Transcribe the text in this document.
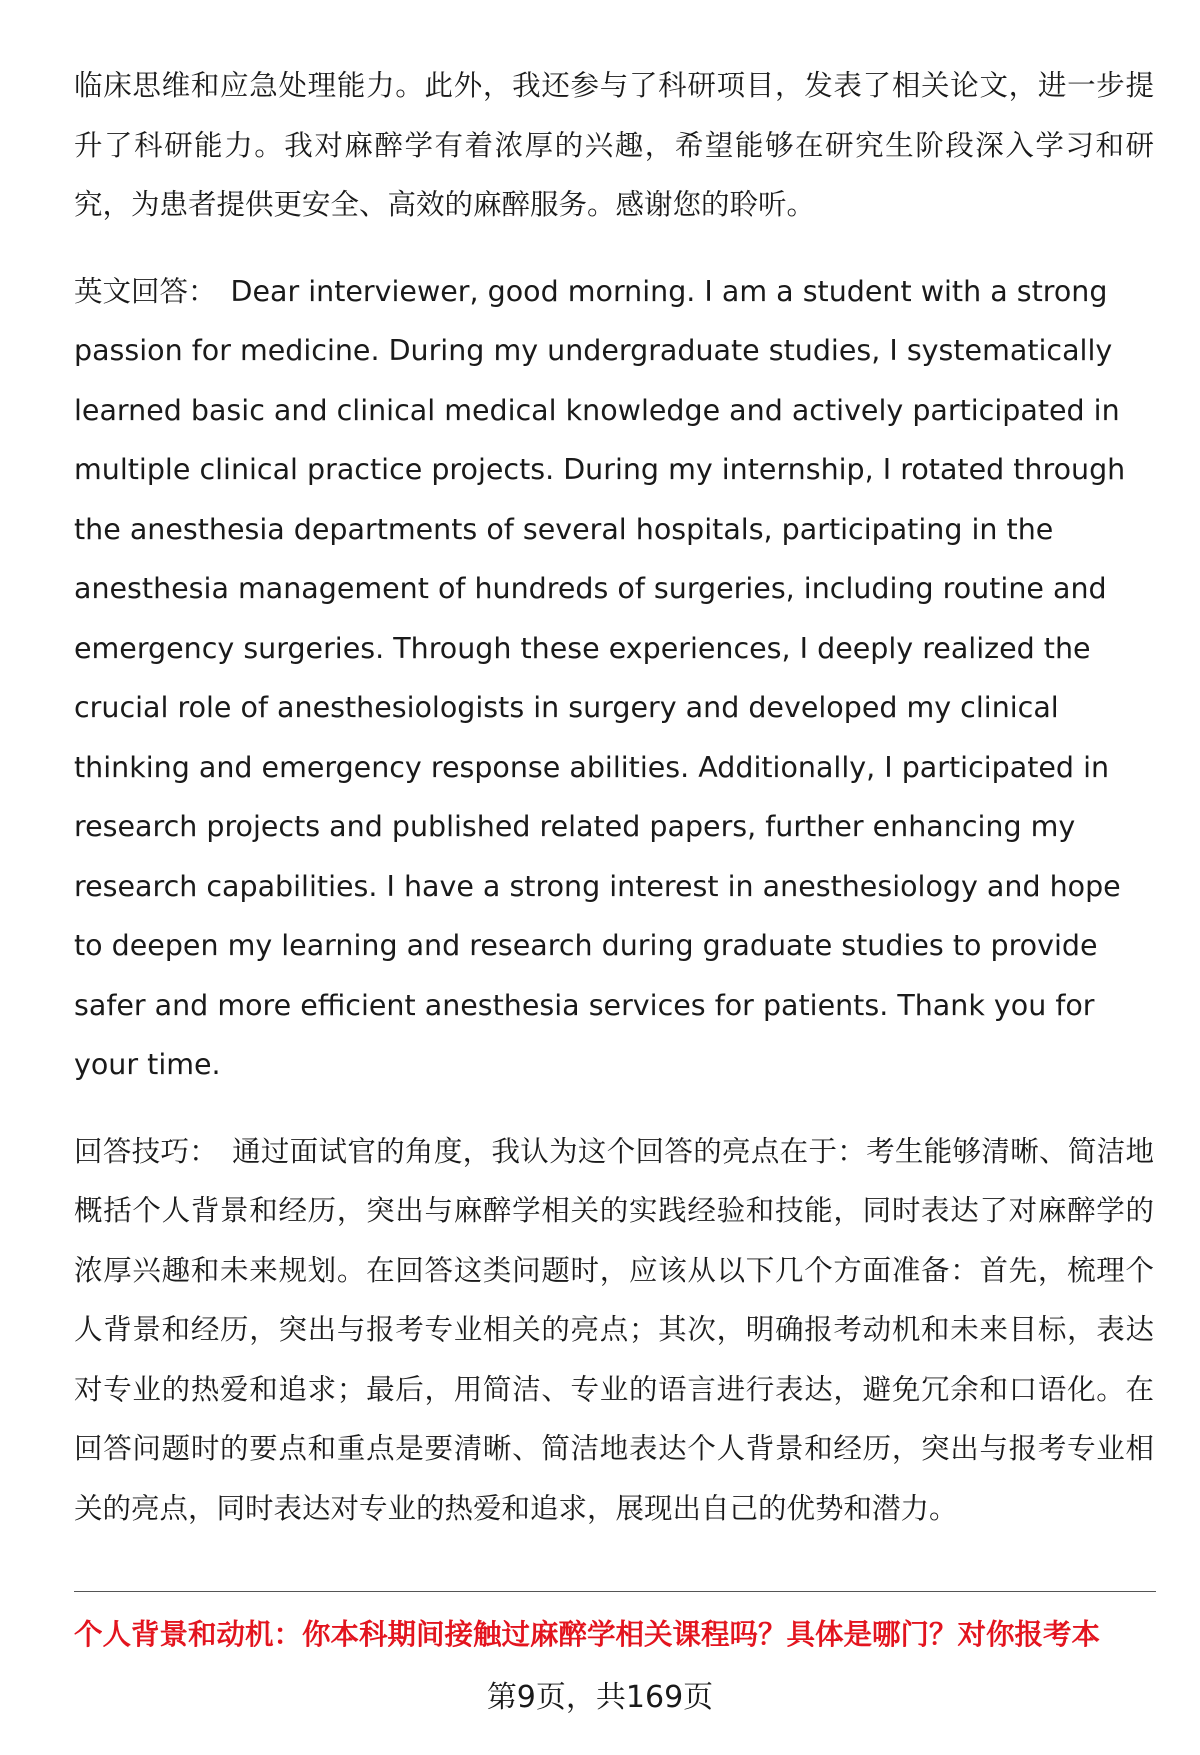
临床思维和应急处理能力。此外，我还参与了科研项目，发表了相关论文，进一步提升了科研能力。我对麻醉学有着浓厚的兴趣，希望能够在研究生阶段深入学习和研究，为患者提供更安全、高效的麻醉服务。感谢您的聆听。

英文回答： Dear interviewer, good morning. I am a student with a strong passion for medicine. During my undergraduate studies, I systematically learned basic and clinical medical knowledge and actively participated in multiple clinical practice projects. During my internship, I rotated through the anesthesia departments of several hospitals, participating in the anesthesia management of hundreds of surgeries, including routine and emergency surgeries. Through these experiences, I deeply realized the crucial role of anesthesiologists in surgery and developed my clinical thinking and emergency response abilities. Additionally, I participated in research projects and published related papers, further enhancing my research capabilities. I have a strong interest in anesthesiology and hope to deepen my learning and research during graduate studies to provide safer and more efficient anesthesia services for patients. Thank you for your time.

回答技巧： 通过面试官的角度，我认为这个回答的亮点在于：考生能够清晰、简洁地概括个人背景和经历，突出与麻醉学相关的实践经验和技能，同时表达了对麻醉学的浓厚兴趣和未来规划。在回答这类问题时，应该从以下几个方面准备：首先，梳理个人背景和经历，突出与报考专业相关的亮点；其次，明确报考动机和未来目标，表达对专业的热爱和追求；最后，用简洁、专业的语言进行表达，避免冗余和口语化。在回答问题时的要点和重点是要清晰、简洁地表达个人背景和经历，突出与报考专业相关的亮点，同时表达对专业的热爱和追求，展现出自己的优势和潜力。

个人背景和动机：你本科期间接触过麻醉学相关课程吗？具体是哪门？对你报考本
第9页，共169页
